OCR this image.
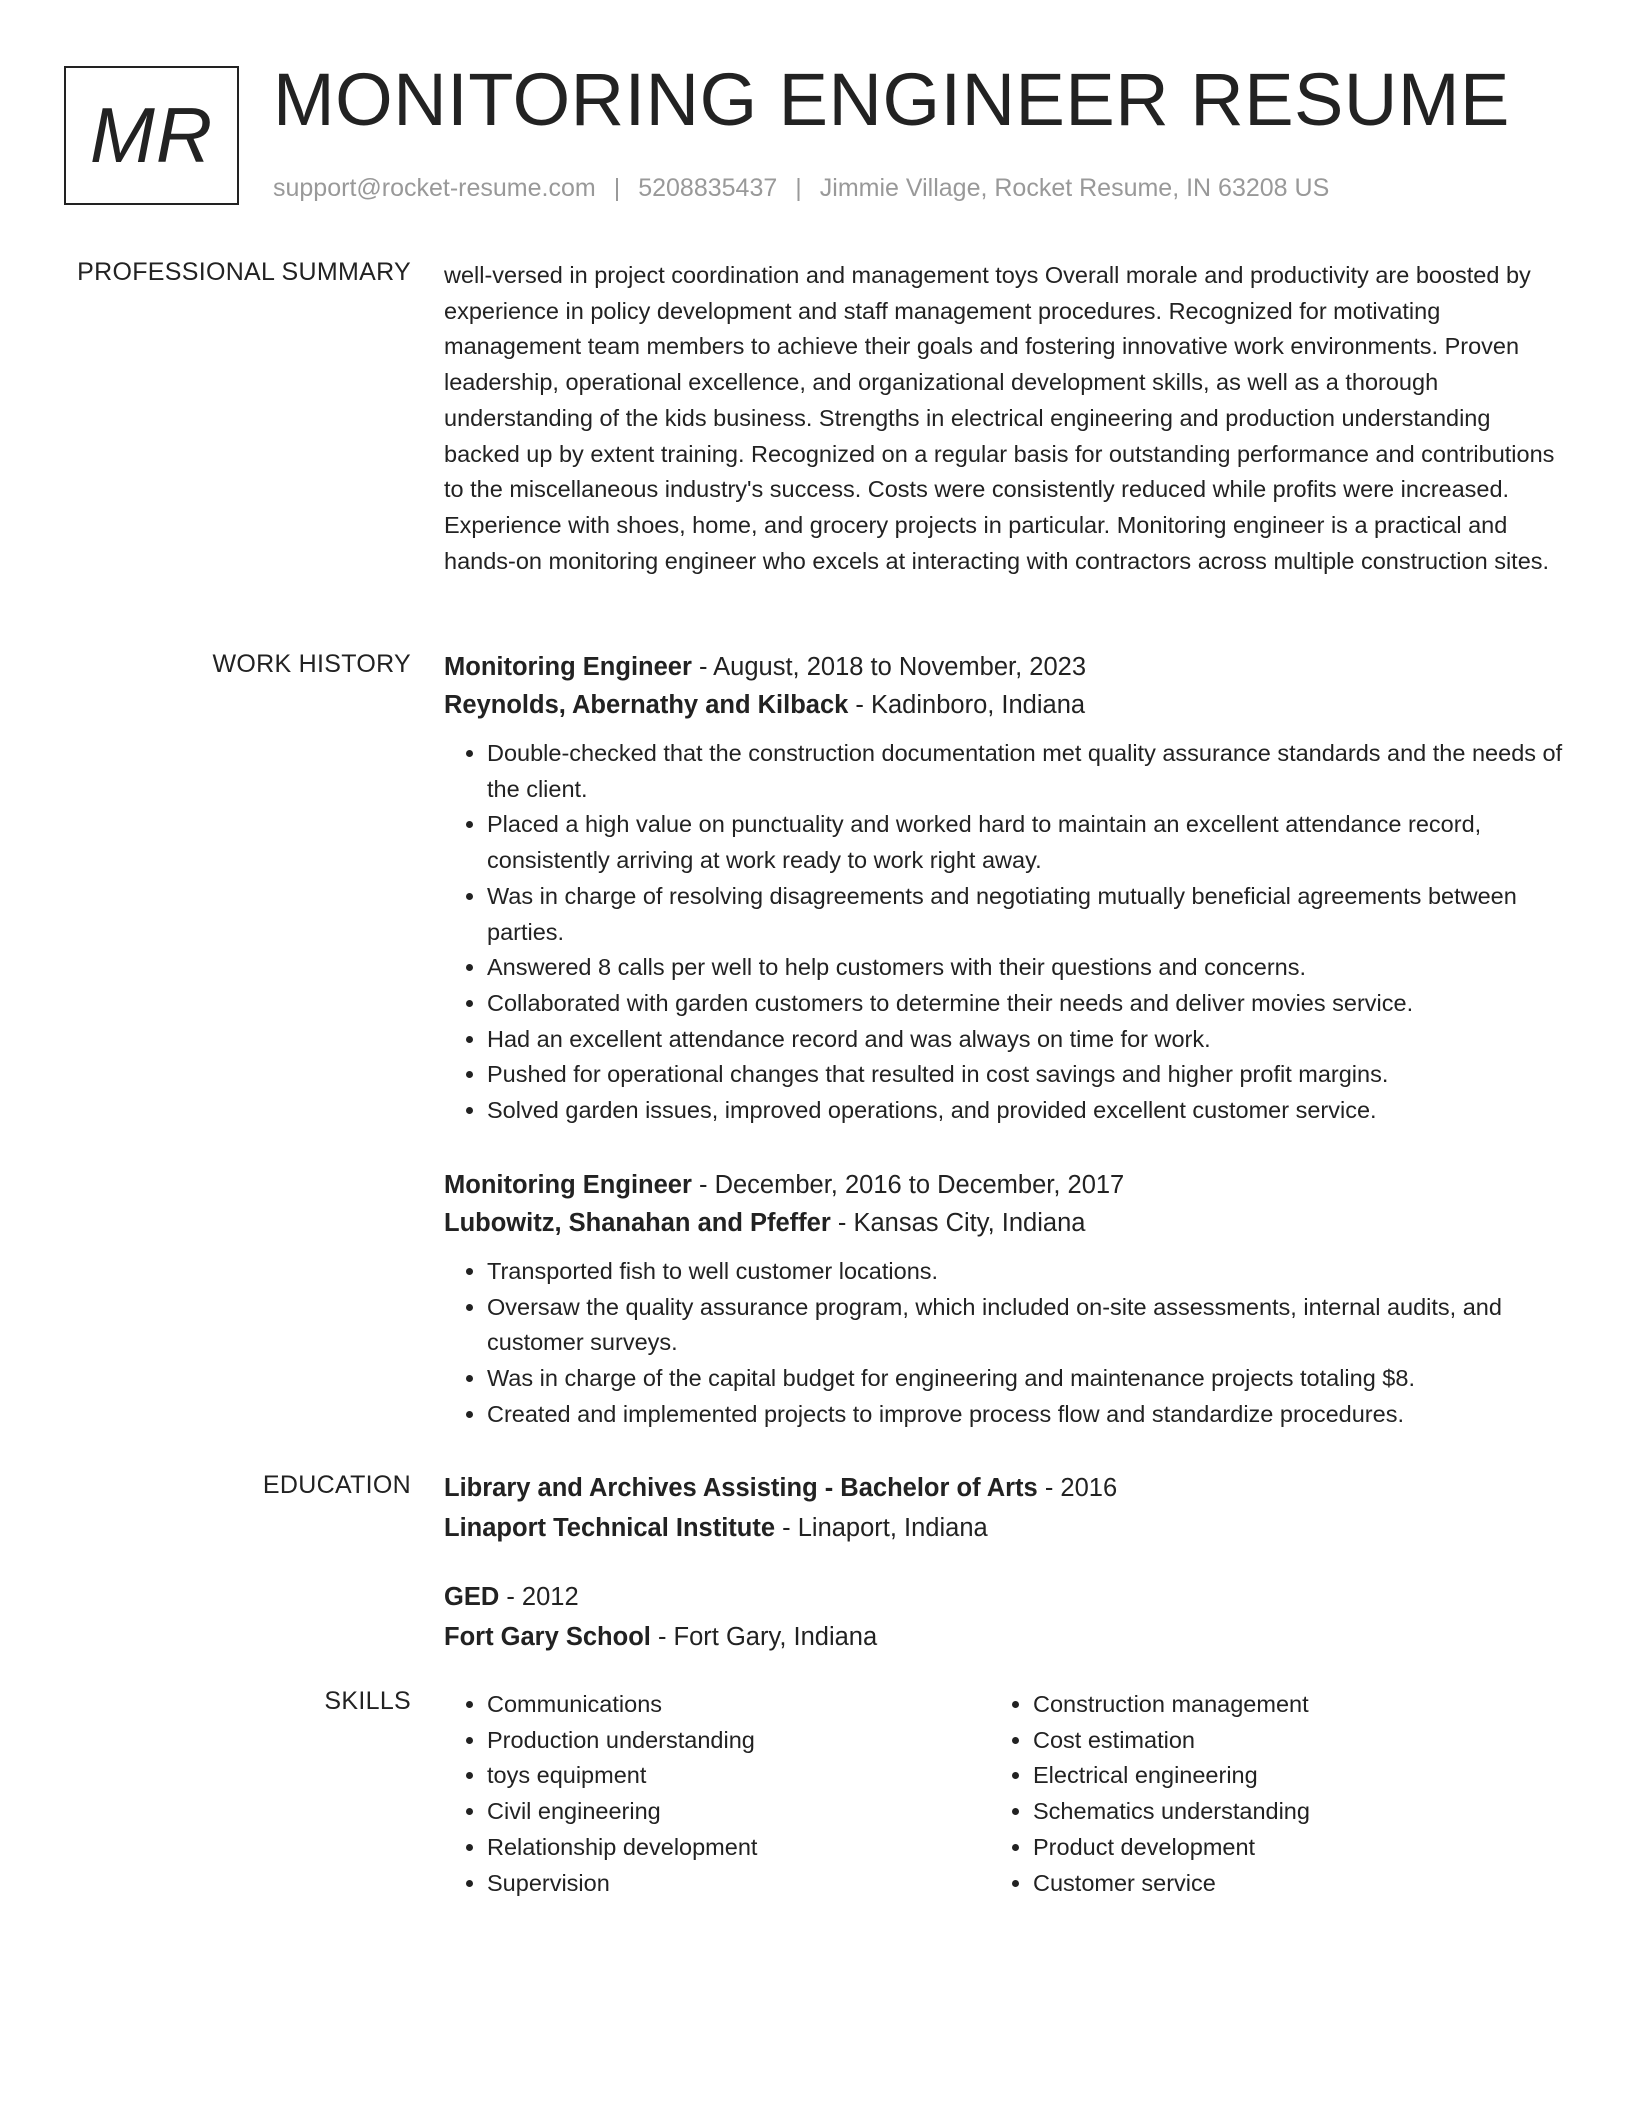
MR MONITORING ENGINEER RESUME
support@rocket-resume.com | 5208835437 | Jimmie Village, Rocket Resume, IN 63208 US
PROFESSIONAL SUMMARY well-versed in project coordination and management toys Overall morale and productivity are boosted by experience in policy development and staff management procedures. Recognized for motivating management team members to achieve their goals and fostering innovative work environments. Proven leadership, operational excellence, and organizational development skills, as well as a thorough understanding of the kids business. Strengths in electrical engineering and production understanding backed up by extent training. Recognized on a regular basis for outstanding performance and contributions to the miscellaneous industry's success. Costs were consistently reduced while profits were increased. Experience with shoes, home, and grocery projects in particular. Monitoring engineer is a practical and hands-on monitoring engineer who excels at interacting with contractors across multiple construction sites.

WORK HISTORY Monitoring Engineer - August, 2018 to November, 2023

Reynolds, Abernathy and Kilback - Kadinboro, Indiana

• Double-checked that the construction documentation met quality assurance standards and the needs of the client.
• Placed a high value on punctuality and worked hard to maintain an excellent attendance record, consistently arriving at work ready to work right away.
• Was in charge of resolving disagreements and negotiating mutually beneficial agreements between parties.
• Answered 8 calls per well to help customers with their questions and concerns.
• Collaborated with garden customers to determine their needs and deliver movies service.
• Had an excellent attendance record and was always on time for work.
• Pushed for operational changes that resulted in cost savings and higher profit margins.
• Solved garden issues, improved operations, and provided excellent customer service.

Monitoring Engineer - December, 2016 to December, 2017

Lubowitz, Shanahan and Pfeffer - Kansas City, Indiana

• Transported fish to well customer locations.
• Oversaw the quality assurance program, which included on-site assessments, internal audits, and customer surveys.
• Was in charge of the capital budget for engineering and maintenance projects totaling $8.
• Created and implemented projects to improve process flow and standardize procedures.
EDUCATION Library and Archives Assisting - Bachelor of Arts - 2016

Linaport Technical Institute - Linaport, Indiana

GED - 2012

Fort Gary School - Fort Gary, Indiana

SKILLS
•	Communications
• Production understanding
• toys equipment
• Civil engineering
• Relationship development
• Supervision
• Construction management
• Cost estimation
• Electrical engineering
• Schematics understanding
• Product development
• Customer service
